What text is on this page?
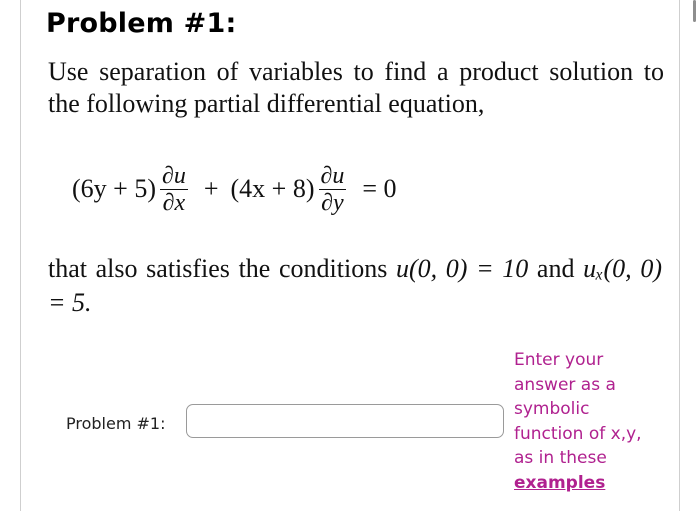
Problem #1:
Use separation of variables to find a product solution to the following partial differential equation,
$(6y + 5) \frac{\partial u}{\partial x} + (4x + 8) \frac{\partial u}{\partial y} = 0$
that also satisfies the conditions u(0, 0) = 10 and uₓ(0, 0) = 5.
Problem #1:
Enter your answer as a symbolic function of x,y, as in these examples
